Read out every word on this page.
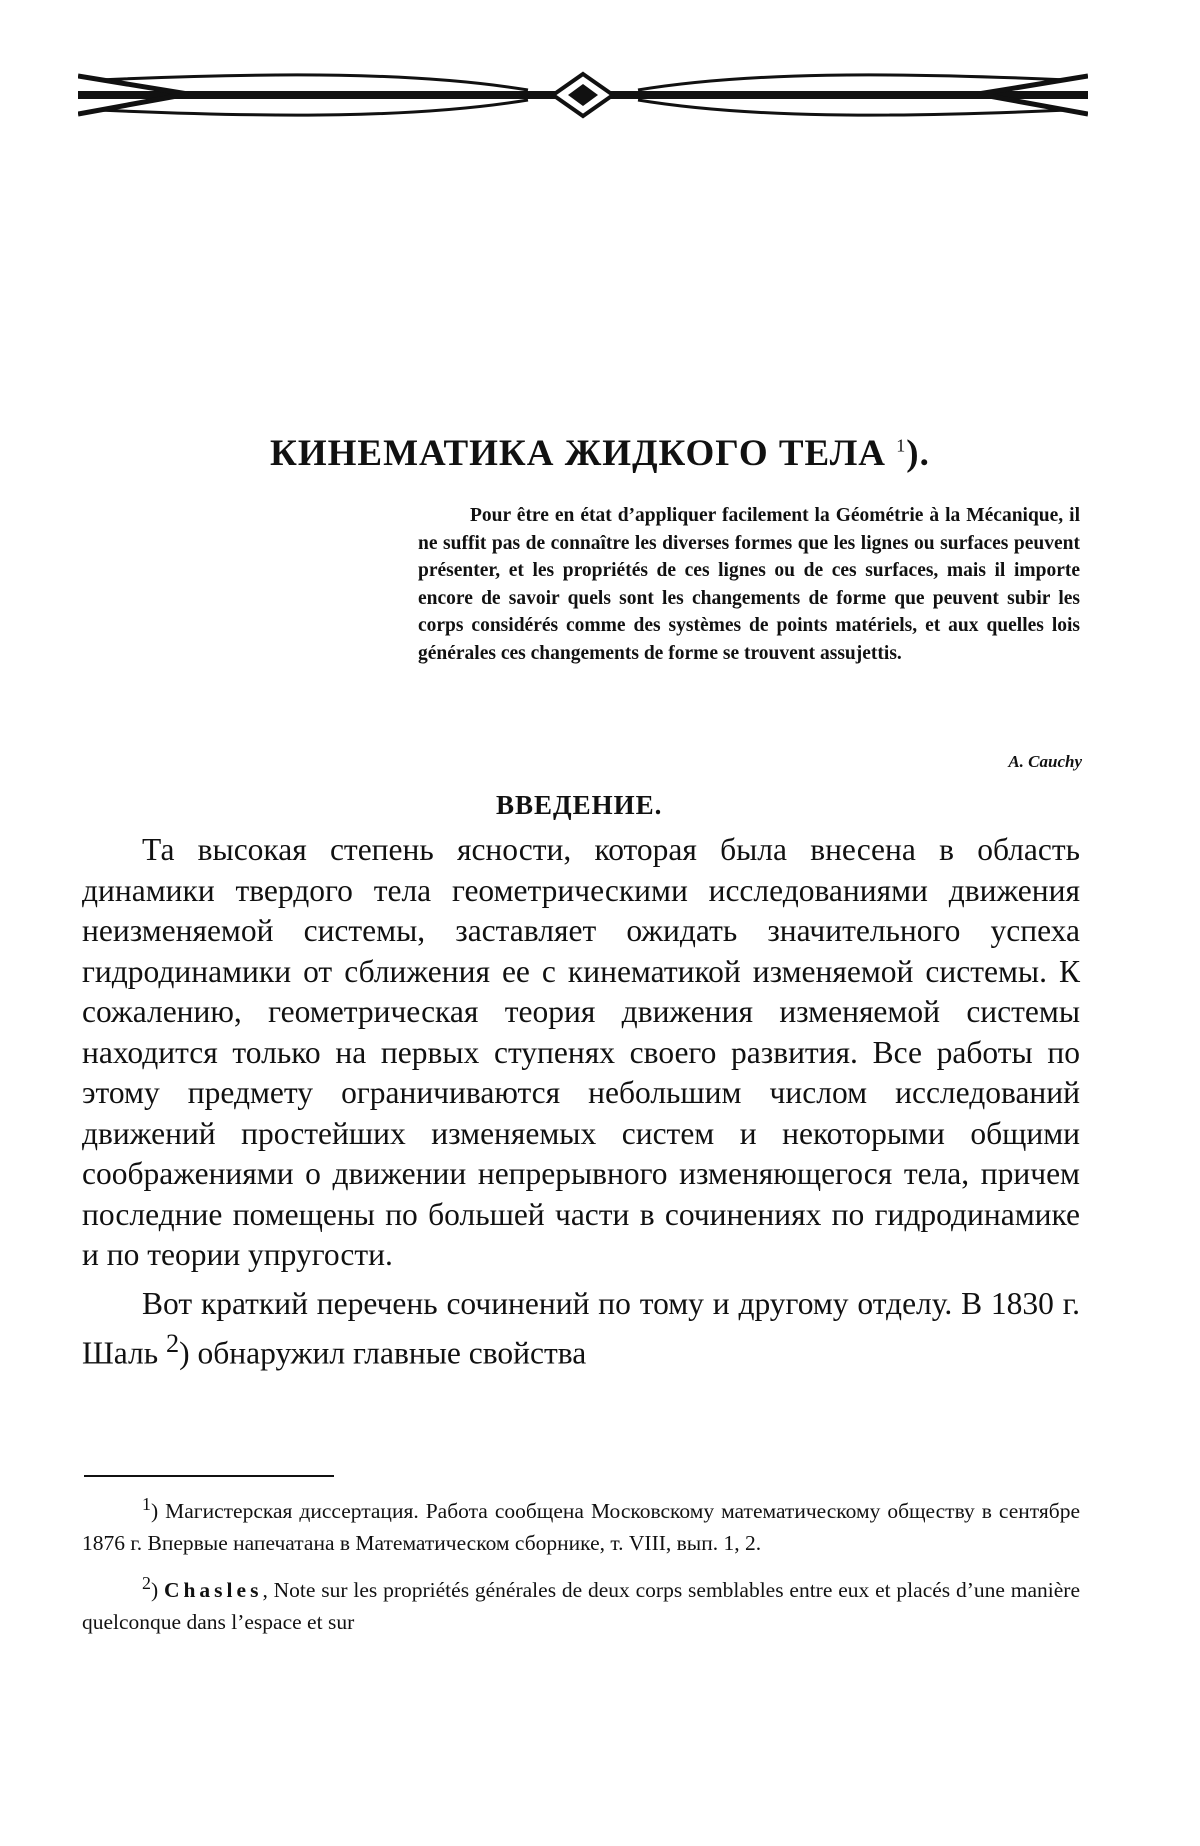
КИНЕМАТИКА ЖИДКОГО ТЕЛА $^1$).
Pour être en état d’appliquer facilement la Géométrie à la Mécanique, il ne suffit pas de connaître les diverses formes que les lignes ou surfaces peuvent présenter, et les propriétés de ces lignes ou de ces surfaces, mais il importe encore de savoir quels sont les changements de forme que peuvent subir les corps considérés comme des systèmes de points matériels, et aux quelles lois générales ces changements de forme se trouvent assujettis.
A. Cauchy
ВВЕДЕНИЕ.

Та высокая степень ясности, которая была внесена в область динамики твердого тела геометрическими исследованиями движения неизменяемой системы, заставляет ожидать значительного успеха гидродинамики от сближения ее с кинематикой изменяемой системы. К сожалению, геометрическая теория движения изменяемой системы находится только на первых ступенях своего развития. Все работы по этому предмету ограничиваются небольшим числом исследований движений простейших изменяемых систем и некоторыми общими соображениями о движении непрерывного изменяющегося тела, причем последние помещены по большей части в сочинениях по гидродинамике и по теории упругости.

Вот краткий перечень сочинений по тому и другому отделу. В 1830 г. Шаль $^2$) обнаружил главные свойства

$^1$) Магистерская диссертация. Работа сообщена Московскому математическому обществу в сентябре 1876 г. Впервые напечатана в Математическом сборнике, т. VIII, вып. 1, 2.

$^2$) Chasles, Note sur les propriétés générales de deux corps semblables entre eux et placés d’une manière quelconque dans l’espace et sur
